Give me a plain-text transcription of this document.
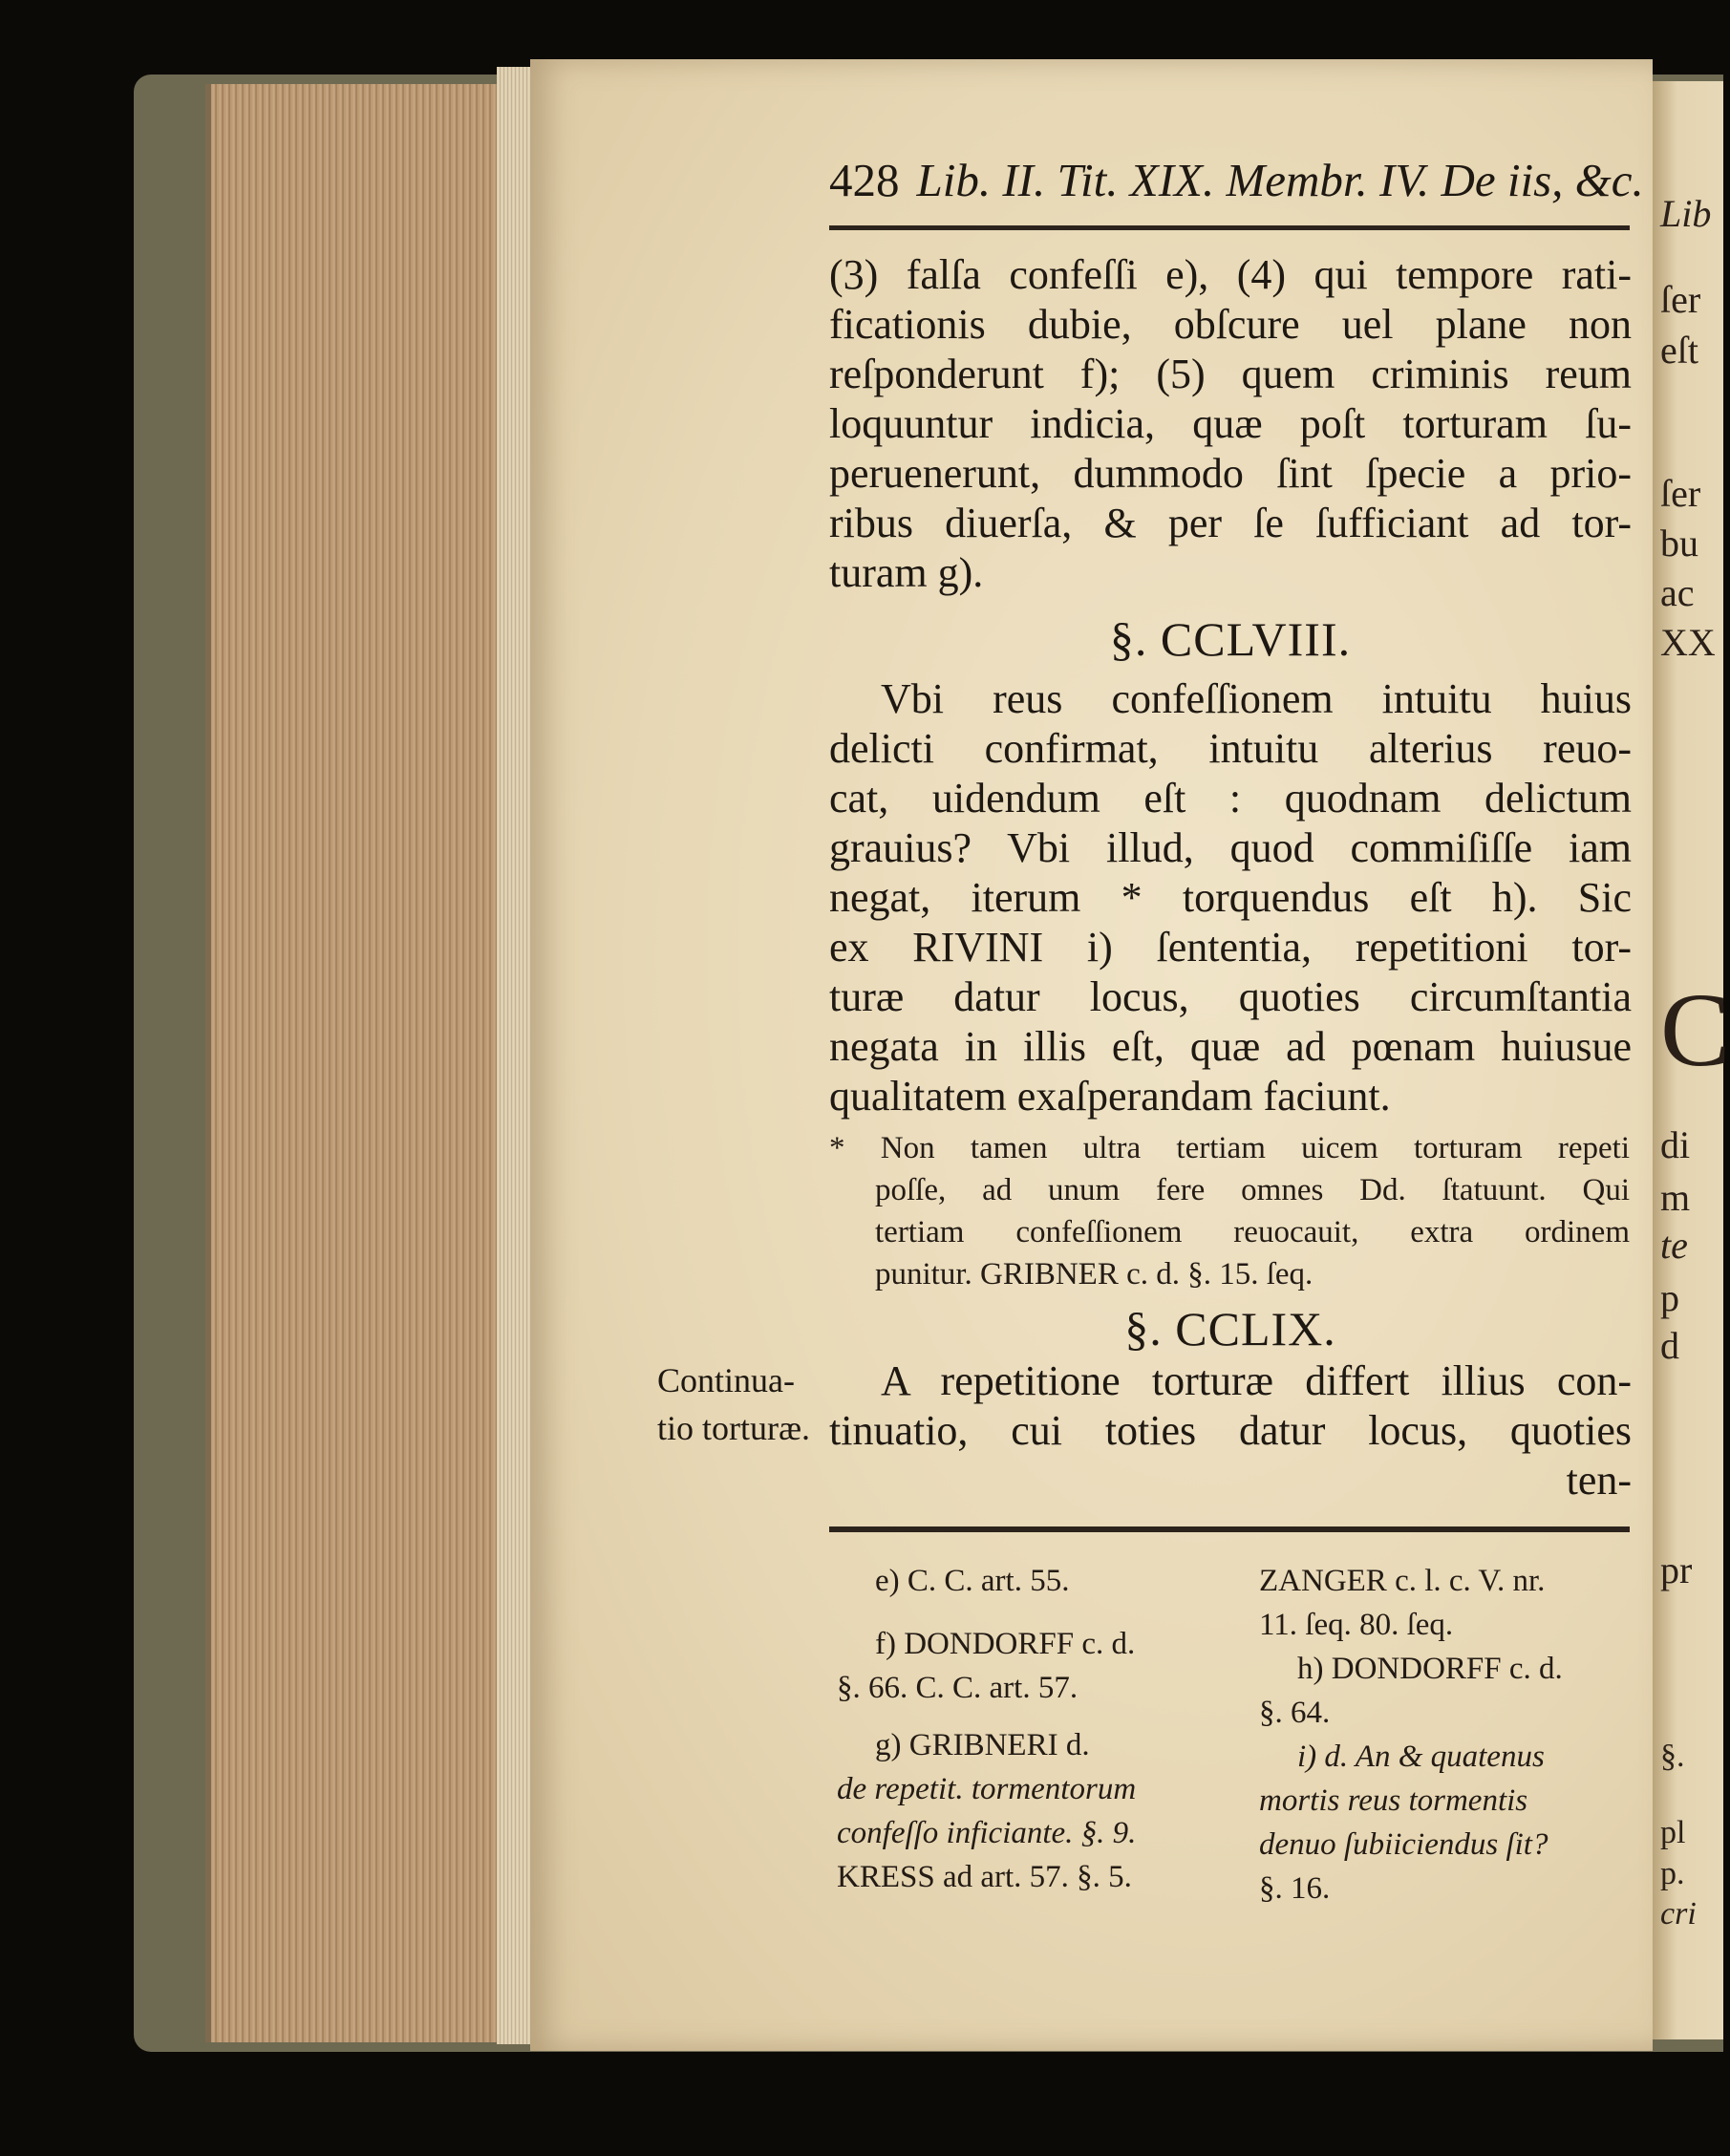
Lib
ſer
eſt
ſer
bu
ac
XX
C
di
m
te
p
d
pr
§.
pl
p.
cri
428 Lib. II. Tit. XIX. Membr. IV. De iis, &c.
(3) falſa confeſſi e), (4) qui tempore rati-
ficationis dubie, obſcure uel plane non
reſponderunt f); (5) quem criminis reum
loquuntur indicia, quæ poſt torturam ſu-
peruenerunt, dummodo ſint ſpecie a prio-
ribus diuerſa, & per ſe ſufficiant ad tor-
turam g).
§. CCLVIII.
Vbi reus confeſſionem intuitu huius
delicti confirmat, intuitu alterius reuo-
cat, uidendum eſt : quodnam delictum
grauius? Vbi illud, quod commiſiſſe iam
negat, iterum * torquendus eſt h). Sic
ex RIVINI i) ſententia, repetitioni tor-
turæ datur locus, quoties circumſtantia
negata in illis eſt, quæ ad pœnam huiusue
qualitatem exaſperandam faciunt.
* Non tamen ultra tertiam uicem torturam repeti
poſſe, ad unum fere omnes Dd. ſtatuunt. Qui
tertiam confeſſionem reuocauit, extra ordinem
punitur. GRIBNER c. d. §. 15. ſeq.
§. CCLIX.
Continua-
tio torturæ.
A repetitione torturæ differt illius con-
tinuatio, cui toties datur locus, quoties
ten-
e) C. C. art. 55.
f) DONDORFF c. d.
§. 66. C. C. art. 57.
g) GRIBNERI d.
de repetit. tormentorum
confeſſo inficiante. §. 9.
KRESS ad art. 57. §. 5.
ZANGER c. l. c. V. nr.
11. ſeq. 80. ſeq.
h) DONDORFF c. d.
§. 64.
i) d. An & quatenus
mortis reus tormentis
denuo ſubiiciendus ſit?
§. 16.
